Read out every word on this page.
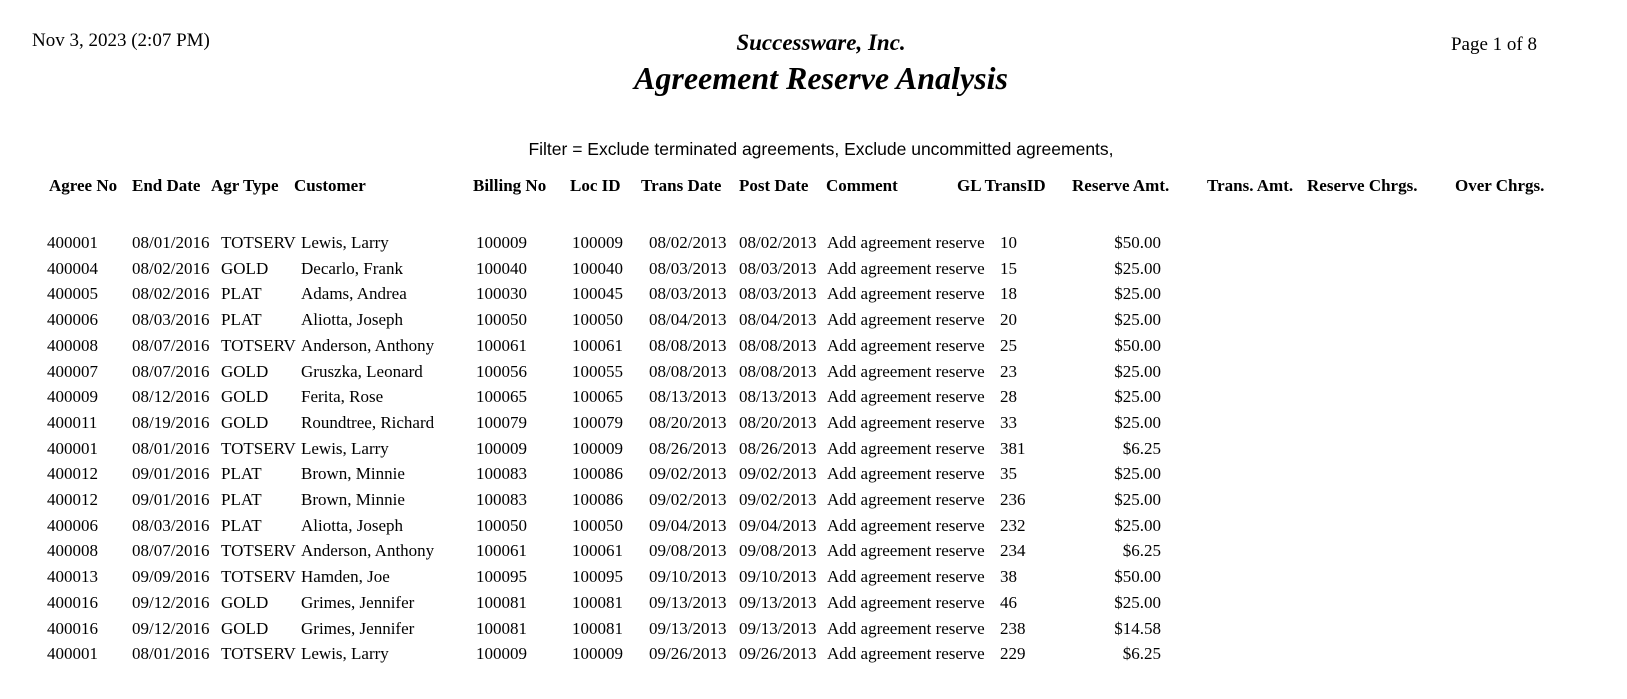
Nov 3, 2023 (2:07 PM)	Successware, Inc.
Agreement Reserve Analysis
Page 1 of 8
Filter = Exclude terminated agreements, Exclude uncommitted agreements,
Agree No End Date Agr Type Customer	Billing No Loc ID Trans Date Post Date Comment	GL TransID Reserve Amt. Trans. Amt. Reserve Chrgs. Over Chrgs.
400001 08/01/2016 TOTSERV Lewis, Larry	100009	100009 08/02/2013 08/02/2013 Add agreement reserve 10	$50.00
400004 08/02/2016 GOLD Decarlo, Frank	100040	100040 08/03/2013 08/03/2013 Add agreement reserve 15	$25.00
400005 08/02/2016 PLAT Adams, Andrea	100030	100045 08/03/2013 08/03/2013 Add agreement reserve 18	$25.00
400006 08/03/2016 PLAT Aliotta, Joseph	100050	100050 08/04/2013 08/04/2013 Add agreement reserve 20	$25.00
400008 08/07/2016 TOTSERV Anderson, Anthony 100061	100061 08/08/2013 08/08/2013 Add agreement reserve 25	$50.00
400007 08/07/2016 GOLD Gruszka, Leonard	100056	100055 08/08/2013 08/08/2013 Add agreement reserve 23	$25.00
400009 08/12/2016 GOLD Ferita, Rose	100065	100065 08/13/2013 08/13/2013 Add agreement reserve 28	$25.00
400011 08/19/2016 GOLD Roundtree, Richard 100079	100079 08/20/2013 08/20/2013 Add agreement reserve 33	$25.00
400001 08/01/2016 TOTSERV Lewis, Larry	100009	100009 08/26/2013 08/26/2013 Add agreement reserve 381	$6.25
400012 09/01/2016 PLAT Brown, Minnie	100083	100086 09/02/2013 09/02/2013 Add agreement reserve 35	$25.00
400012 09/01/2016 PLAT Brown, Minnie	100083	100086 09/02/2013 09/02/2013 Add agreement reserve 236	$25.00
400006 08/03/2016 PLAT Aliotta, Joseph	100050	100050 09/04/2013 09/04/2013 Add agreement reserve 232	$25.00
400008 08/07/2016 TOTSERV Anderson, Anthony 100061	100061 09/08/2013 09/08/2013 Add agreement reserve 234	$6.25
400013 09/09/2016 TOTSERV Hamden, Joe	100095	100095 09/10/2013 09/10/2013 Add agreement reserve 38	$50.00
400016 09/12/2016 GOLD Grimes, Jennifer	100081	100081 09/13/2013 09/13/2013 Add agreement reserve 46	$25.00
400016 09/12/2016 GOLD Grimes, Jennifer	100081	100081 09/13/2013 09/13/2013 Add agreement reserve 238	$14.58
400001 08/01/2016 TOTSERV Lewis, Larry	100009	100009 09/26/2013 09/26/2013 Add agreement reserve 229	$6.25
